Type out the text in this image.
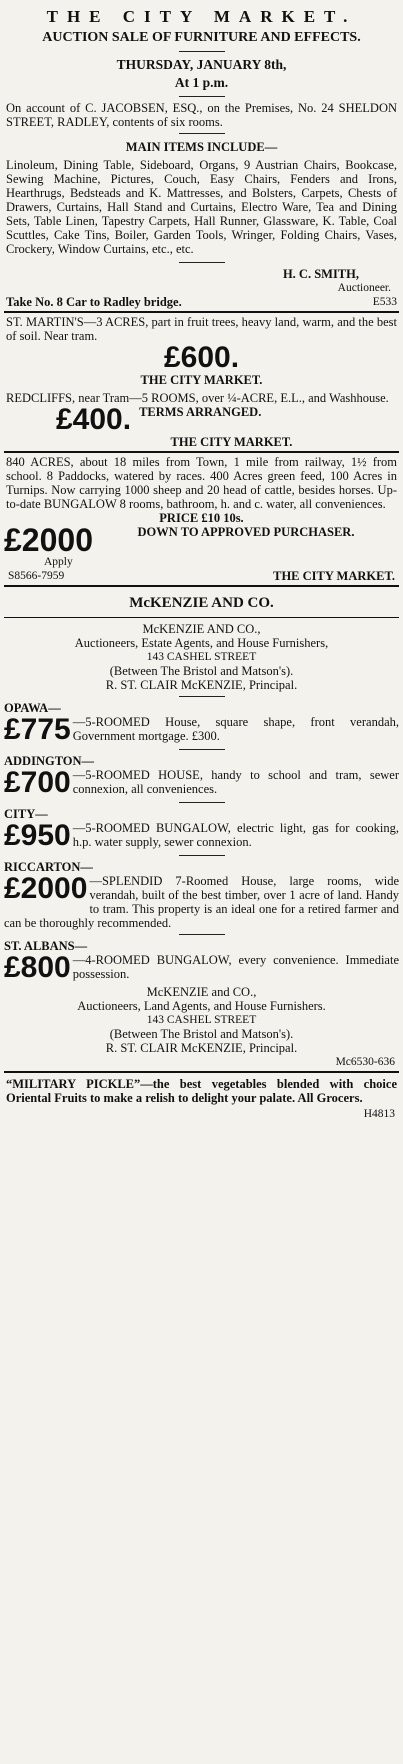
THE CITY MARKET.
AUCTION SALE OF FURNITURE AND EFFECTS.
THURSDAY, JANUARY 8th,
At 1 p.m.

On account of C. JACOBSEN, ESQ., on the Premises, No. 24 SHELDON STREET, RADLEY, contents of six rooms.

MAIN ITEMS INCLUDE—

Linoleum, Dining Table, Sideboard, Organs, 9 Austrian Chairs, Bookcase, Sewing Machine, Pictures, Couch, Easy Chairs, Fenders and Irons, Hearthrugs, Bedsteads and K. Mattresses, and Bolsters, Carpets, Chests of Drawers, Curtains, Hall Stand and Curtains, Electro Ware, Tea and Dining Sets, Table Linen, Tapestry Carpets, Hall Runner, Glassware, K. Table, Coal Scuttles, Cake Tins, Boiler, Garden Tools, Wringer, Folding Chairs, Vases, Crockery, Window Curtains, etc., etc.

H. C. SMITH,
Auctioneer.
Take No. 8 Car to Radley bridge.	E533

ST. MARTIN'S—3 ACRES, part in fruit trees, heavy land, warm, and the best of soil. Near tram.

£600.
THE CITY MARKET.

REDCLIFFS, near Tram—5 ROOMS, over ¼-ACRE, E.L., and Washhouse.

£400. TERMS ARRANGED.
THE CITY MARKET.

840 ACRES, about 18 miles from Town, 1 mile from railway, 1½ from school. 8 Paddocks, watered by races. 400 Acres green feed, 100 Acres in Turnips. Now carrying 1000 sheep and 20 head of cattle, besides horses. Up-to-date BUNGALOW 8 rooms, bathroom, h. and c. water, all conveniences.

PRICE £10 10s.
£2000	DOWN TO APPROVED PURCHASER.
Apply
S8566-7959	THE CITY MARKET.
McKENZIE AND CO.
McKENZIE AND CO.,
Auctioneers, Estate Agents, and House Furnishers,
143 CASHEL STREET
(Between The Bristol and Matson's).
R. ST. CLAIR McKENZIE, Principal.
OPAWA—

£775 —5-ROOMED House, square shape, front verandah, Government mortgage. £300.

ADDINGTON—

£700 —5-ROOMED HOUSE, handy to school and tram, sewer connexion, all conveniences.

CITY—

£950 —5-ROOMED BUNGALOW, electric light, gas for cooking, h.p. water supply, sewer connexion.

RICCARTON—

£2000 —SPLENDID 7-Roomed House, large rooms, wide verandah, built of the best timber, over 1 acre of land. Handy to tram. This property is an ideal one for a retired farmer and can be thoroughly recommended.

ST. ALBANS—

£800 —4-ROOMED BUNGALOW, every convenience. Immediate possession.

McKENZIE and CO.,
Auctioneers, Land Agents, and House Furnishers.
143 CASHEL STREET
(Between The Bristol and Matson's).
R. ST. CLAIR McKENZIE, Principal.
Mc6530-636

“MILITARY PICKLE”—the best vegetables blended with choice Oriental Fruits to make a relish to delight your palate. All Grocers.

H4813
